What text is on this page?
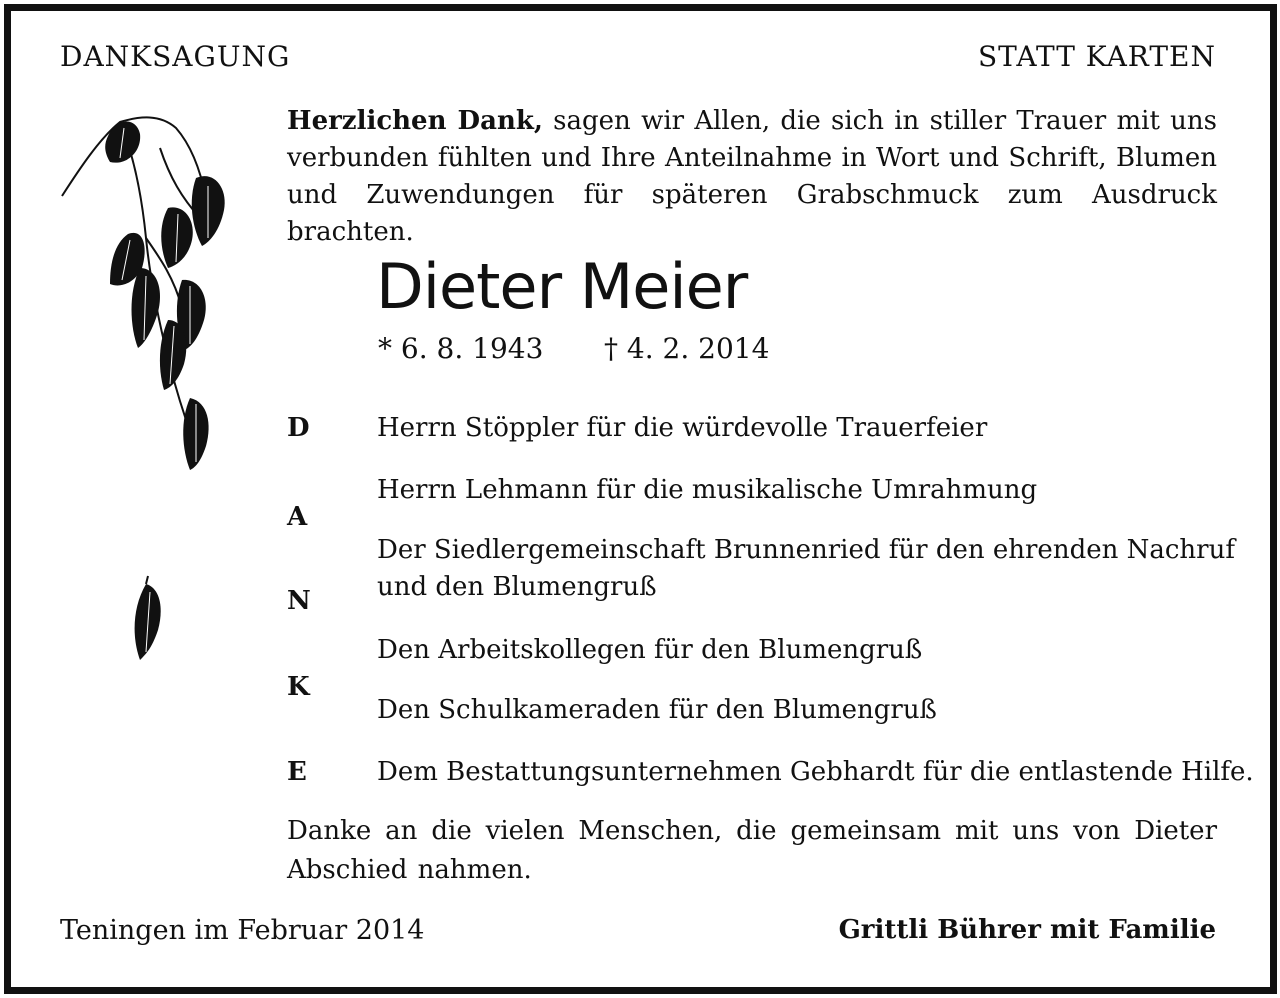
DANKSAGUNG	STATT KARTEN
Herzlichen Dank, sagen wir Allen, die sich in stiller Trauer mit uns verbunden fühlten und Ihre Anteilnahme in Wort und Schrift, Blumen und Zuwendungen für späteren Grabschmuck zum Ausdruck brachten.
Dieter Meier
* 6. 8. 1943 † 4. 2. 2014
D
A
N
K
E
Herrn Stöppler für die würdevolle Trauerfeier
Herrn Lehmann für die musikalische Umrahmung
Der Siedlergemeinschaft Brunnenried für den ehrenden Nachruf
und den Blumengruß
Den Arbeitskollegen für den Blumengruß
Den Schulkameraden für den Blumengruß
Dem Bestattungsunternehmen Gebhardt für die entlastende Hilfe.
Danke an die vielen Menschen, die gemeinsam mit uns von Dieter Abschied nahmen.
Teningen im Februar 2014	Grittli Bührer mit Familie
